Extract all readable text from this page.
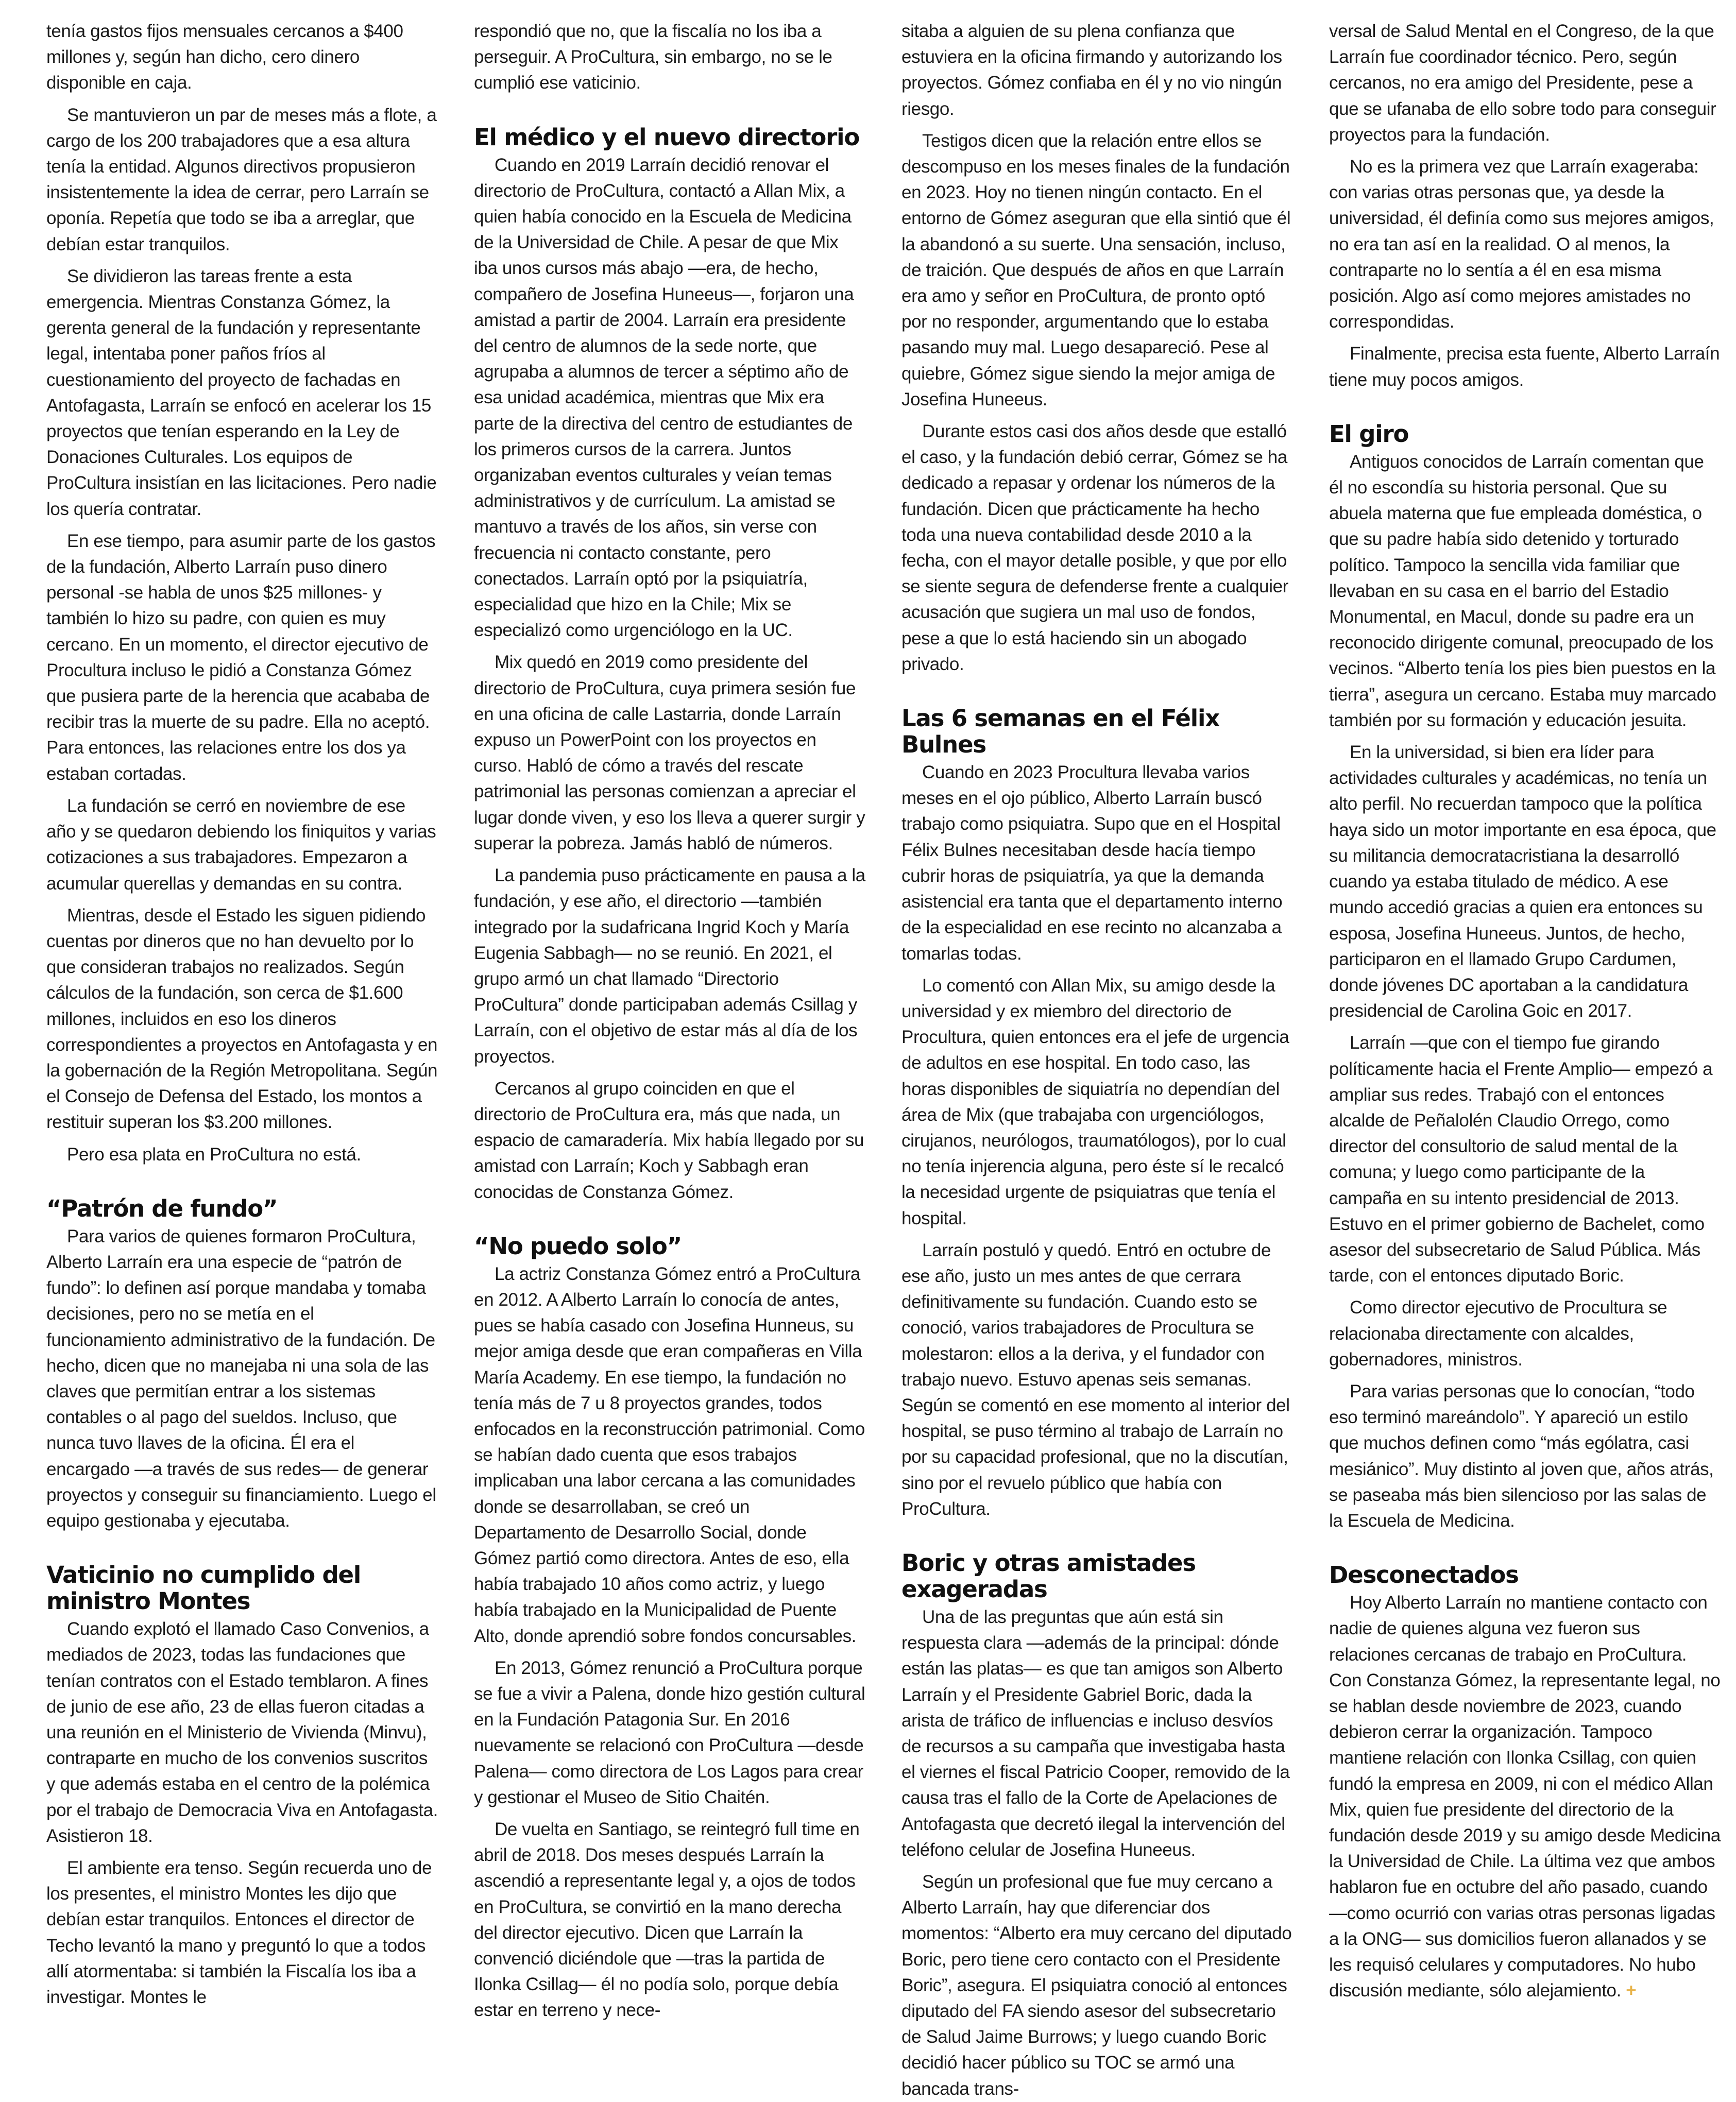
tenía gastos fijos mensuales cercanos a $400 millones y, según han dicho, cero dinero disponible en caja.

Se mantuvieron un par de meses más a flote, a cargo de los 200 trabajadores que a esa altura tenía la entidad. Algunos directivos propusieron insistentemente la idea de cerrar, pero Larraín se oponía. Repetía que todo se iba a arreglar, que debían estar tranquilos.

Se dividieron las tareas frente a esta emergencia. Mientras Constanza Gómez, la gerenta general de la fundación y representante legal, intentaba poner paños fríos al cuestionamiento del proyecto de fachadas en Antofagasta, Larraín se enfocó en acelerar los 15 proyectos que tenían esperando en la Ley de Donaciones Culturales. Los equipos de ProCultura insistían en las licitaciones. Pero nadie los quería contratar.

En ese tiempo, para asumir parte de los gastos de la fundación, Alberto Larraín puso dinero personal -se habla de unos $25 millones- y también lo hizo su padre, con quien es muy cercano. En un momento, el director ejecutivo de Procultura incluso le pidió a Constanza Gómez que pusiera parte de la herencia que acababa de recibir tras la muerte de su padre. Ella no aceptó. Para entonces, las relaciones entre los dos ya estaban cortadas.

La fundación se cerró en noviembre de ese año y se quedaron debiendo los finiquitos y varias cotizaciones a sus trabajadores. Empezaron a acumular querellas y demandas en su contra.

Mientras, desde el Estado les siguen pidiendo cuentas por dineros que no han devuelto por lo que consideran trabajos no realizados. Según cálculos de la fundación, son cerca de $1.600 millones, incluidos en eso los dineros correspondientes a proyectos en Antofagasta y en la gobernación de la Región Metropolitana. Según el Consejo de Defensa del Estado, los montos a restituir superan los $3.200 millones.

Pero esa plata en ProCultura no está.

“Patrón de fundo”

Para varios de quienes formaron ProCultura, Alberto Larraín era una especie de “patrón de fundo”: lo definen así porque mandaba y tomaba decisiones, pero no se metía en el funcionamiento administrativo de la fundación. De hecho, dicen que no manejaba ni una sola de las claves que permitían entrar a los sistemas contables o al pago del sueldos. Incluso, que nunca tuvo llaves de la oficina. Él era el encargado —a través de sus redes— de generar proyectos y conseguir su financiamiento. Luego el equipo gestionaba y ejecutaba.

Vaticinio no cumplido del ministro Montes

Cuando explotó el llamado Caso Convenios, a mediados de 2023, todas las fundaciones que tenían contratos con el Estado temblaron. A fines de junio de ese año, 23 de ellas fueron citadas a una reunión en el Ministerio de Vivienda (Minvu), contraparte en mucho de los convenios suscritos y que además estaba en el centro de la polémica por el trabajo de Democracia Viva en Antofagasta. Asistieron 18.

El ambiente era tenso. Según recuerda uno de los presentes, el ministro Montes les dijo que debían estar tranquilos. Entonces el director de Techo levantó la mano y preguntó lo que a todos allí atormentaba: si también la Fiscalía los iba a investigar. Montes le

respondió que no, que la fiscalía no los iba a perseguir. A ProCultura, sin embargo, no se le cumplió ese vaticinio.

El médico y el nuevo directorio

Cuando en 2019 Larraín decidió renovar el directorio de ProCultura, contactó a Allan Mix, a quien había conocido en la Escuela de Medicina de la Universidad de Chile. A pesar de que Mix iba unos cursos más abajo —era, de hecho, compañero de Josefina Huneeus—, forjaron una amistad a partir de 2004. Larraín era presidente del centro de alumnos de la sede norte, que agrupaba a alumnos de tercer a séptimo año de esa unidad académica, mientras que Mix era parte de la directiva del centro de estudiantes de los primeros cursos de la carrera. Juntos organizaban eventos culturales y veían temas administrativos y de currículum. La amistad se mantuvo a través de los años, sin verse con frecuencia ni contacto constante, pero conectados. Larraín optó por la psiquiatría, especialidad que hizo en la Chile; Mix se especializó como urgenciólogo en la UC.

Mix quedó en 2019 como presidente del directorio de ProCultura, cuya primera sesión fue en una oficina de calle Lastarria, donde Larraín expuso un PowerPoint con los proyectos en curso. Habló de cómo a través del rescate patrimonial las personas comienzan a apreciar el lugar donde viven, y eso los lleva a querer surgir y superar la pobreza. Jamás habló de números.

La pandemia puso prácticamente en pausa a la fundación, y ese año, el directorio —también integrado por la sudafricana Ingrid Koch y María Eugenia Sabbagh— no se reunió. En 2021, el grupo armó un chat llamado “Directorio ProCultura” donde participaban además Csillag y Larraín, con el objetivo de estar más al día de los proyectos.

Cercanos al grupo coinciden en que el directorio de ProCultura era, más que nada, un espacio de camaradería. Mix había llegado por su amistad con Larraín; Koch y Sabbagh eran conocidas de Constanza Gómez.

“No puedo solo”

La actriz Constanza Gómez entró a ProCultura en 2012. A Alberto Larraín lo conocía de antes, pues se había casado con Josefina Hunneus, su mejor amiga desde que eran compañeras en Villa María Academy. En ese tiempo, la fundación no tenía más de 7 u 8 proyectos grandes, todos enfocados en la reconstrucción patrimonial. Como se habían dado cuenta que esos trabajos implicaban una labor cercana a las comunidades donde se desarrollaban, se creó un Departamento de Desarrollo Social, donde Gómez partió como directora. Antes de eso, ella había trabajado 10 años como actriz, y luego había trabajado en la Municipalidad de Puente Alto, donde aprendió sobre fondos concursables.

En 2013, Gómez renunció a ProCultura porque se fue a vivir a Palena, donde hizo gestión cultural en la Fundación Patagonia Sur. En 2016 nuevamente se relacionó con ProCultura —desde Palena— como directora de Los Lagos para crear y gestionar el Museo de Sitio Chaitén.

De vuelta en Santiago, se reintegró full time en abril de 2018. Dos meses después Larraín la ascendió a representante legal y, a ojos de todos en ProCultura, se convirtió en la mano derecha del director ejecutivo. Dicen que Larraín la convenció diciéndole que —tras la partida de Ilonka Csillag— él no podía solo, porque debía estar en terreno y nece-

sitaba a alguien de su plena confianza que estuviera en la oficina firmando y autorizando los proyectos. Gómez confiaba en él y no vio ningún riesgo.

Testigos dicen que la relación entre ellos se descompuso en los meses finales de la fundación en 2023. Hoy no tienen ningún contacto. En el entorno de Gómez aseguran que ella sintió que él la abandonó a su suerte. Una sensación, incluso, de traición. Que después de años en que Larraín era amo y señor en ProCultura, de pronto optó por no responder, argumentando que lo estaba pasando muy mal. Luego desapareció. Pese al quiebre, Gómez sigue siendo la mejor amiga de Josefina Huneeus.

Durante estos casi dos años desde que estalló el caso, y la fundación debió cerrar, Gómez se ha dedicado a repasar y ordenar los números de la fundación. Dicen que prácticamente ha hecho toda una nueva contabilidad desde 2010 a la fecha, con el mayor detalle posible, y que por ello se siente segura de defenderse frente a cualquier acusación que sugiera un mal uso de fondos, pese a que lo está haciendo sin un abogado privado.

Las 6 semanas en el Félix Bulnes

Cuando en 2023 Procultura llevaba varios meses en el ojo público, Alberto Larraín buscó trabajo como psiquiatra. Supo que en el Hospital Félix Bulnes necesitaban desde hacía tiempo cubrir horas de psiquiatría, ya que la demanda asistencial era tanta que el departamento interno de la especialidad en ese recinto no alcanzaba a tomarlas todas.

Lo comentó con Allan Mix, su amigo desde la universidad y ex miembro del directorio de Procultura, quien entonces era el jefe de urgencia de adultos en ese hospital. En todo caso, las horas disponibles de siquiatría no dependían del área de Mix (que trabajaba con urgenciólogos, cirujanos, neurólogos, traumatólogos), por lo cual no tenía injerencia alguna, pero éste sí le recalcó la necesidad urgente de psiquiatras que tenía el hospital.

Larraín postuló y quedó. Entró en octubre de ese año, justo un mes antes de que cerrara definitivamente su fundación. Cuando esto se conoció, varios trabajadores de Procultura se molestaron: ellos a la deriva, y el fundador con trabajo nuevo. Estuvo apenas seis semanas. Según se comentó en ese momento al interior del hospital, se puso término al trabajo de Larraín no por su capacidad profesional, que no la discutían, sino por el revuelo público que había con ProCultura.

Boric y otras amistades exageradas

Una de las preguntas que aún está sin respuesta clara —además de la principal: dónde están las platas— es que tan amigos son Alberto Larraín y el Presidente Gabriel Boric, dada la arista de tráfico de influencias e incluso desvíos de recursos a su campaña que investigaba hasta el viernes el fiscal Patricio Cooper, removido de la causa tras el fallo de la Corte de Apelaciones de Antofagasta que decretó ilegal la intervención del teléfono celular de Josefina Huneeus.

Según un profesional que fue muy cercano a Alberto Larraín, hay que diferenciar dos momentos: “Alberto era muy cercano del diputado Boric, pero tiene cero contacto con el Presidente Boric”, asegura. El psiquiatra conoció al entonces diputado del FA siendo asesor del subsecretario de Salud Jaime Burrows; y luego cuando Boric decidió hacer público su TOC se armó una bancada trans-

versal de Salud Mental en el Congreso, de la que Larraín fue coordinador técnico. Pero, según cercanos, no era amigo del Presidente, pese a que se ufanaba de ello sobre todo para conseguir proyectos para la fundación.

No es la primera vez que Larraín exageraba: con varias otras personas que, ya desde la universidad, él definía como sus mejores amigos, no era tan así en la realidad. O al menos, la contraparte no lo sentía a él en esa misma posición. Algo así como mejores amistades no correspondidas.

Finalmente, precisa esta fuente, Alberto Larraín tiene muy pocos amigos.

El giro

Antiguos conocidos de Larraín comentan que él no escondía su historia personal. Que su abuela materna que fue empleada doméstica, o que su padre había sido detenido y torturado político. Tampoco la sencilla vida familiar que llevaban en su casa en el barrio del Estadio Monumental, en Macul, donde su padre era un reconocido dirigente comunal, preocupado de los vecinos. “Alberto tenía los pies bien puestos en la tierra”, asegura un cercano. Estaba muy marcado también por su formación y educación jesuita.

En la universidad, si bien era líder para actividades culturales y académicas, no tenía un alto perfil. No recuerdan tampoco que la política haya sido un motor importante en esa época, que su militancia democratacristiana la desarrolló cuando ya estaba titulado de médico. A ese mundo accedió gracias a quien era entonces su esposa, Josefina Huneeus. Juntos, de hecho, participaron en el llamado Grupo Cardumen, donde jóvenes DC aportaban a la candidatura presidencial de Carolina Goic en 2017.

Larraín —que con el tiempo fue girando políticamente hacia el Frente Amplio— empezó a ampliar sus redes. Trabajó con el entonces alcalde de Peñalolén Claudio Orrego, como director del consultorio de salud mental de la comuna; y luego como participante de la campaña en su intento presidencial de 2013. Estuvo en el primer gobierno de Bachelet, como asesor del subsecretario de Salud Pública. Más tarde, con el entonces diputado Boric.

Como director ejecutivo de Procultura se relacionaba directamente con alcaldes, gobernadores, ministros.

Para varias personas que lo conocían, “todo eso terminó mareándolo”. Y apareció un estilo que muchos definen como “más ególatra, casi mesiánico”. Muy distinto al joven que, años atrás, se paseaba más bien silencioso por las salas de la Escuela de Medicina.

Desconectados

Hoy Alberto Larraín no mantiene contacto con nadie de quienes alguna vez fueron sus relaciones cercanas de trabajo en ProCultura. Con Constanza Gómez, la representante legal, no se hablan desde noviembre de 2023, cuando debieron cerrar la organización. Tampoco mantiene relación con Ilonka Csillag, con quien fundó la empresa en 2009, ni con el médico Allan Mix, quien fue presidente del directorio de la fundación desde 2019 y su amigo desde Medicina la Universidad de Chile. La última vez que ambos hablaron fue en octubre del año pasado, cuando —como ocurrió con varias otras personas ligadas a la ONG— sus domicilios fueron allanados y se les requisó celulares y computadores. No hubo discusión mediante, sólo alejamiento. +
